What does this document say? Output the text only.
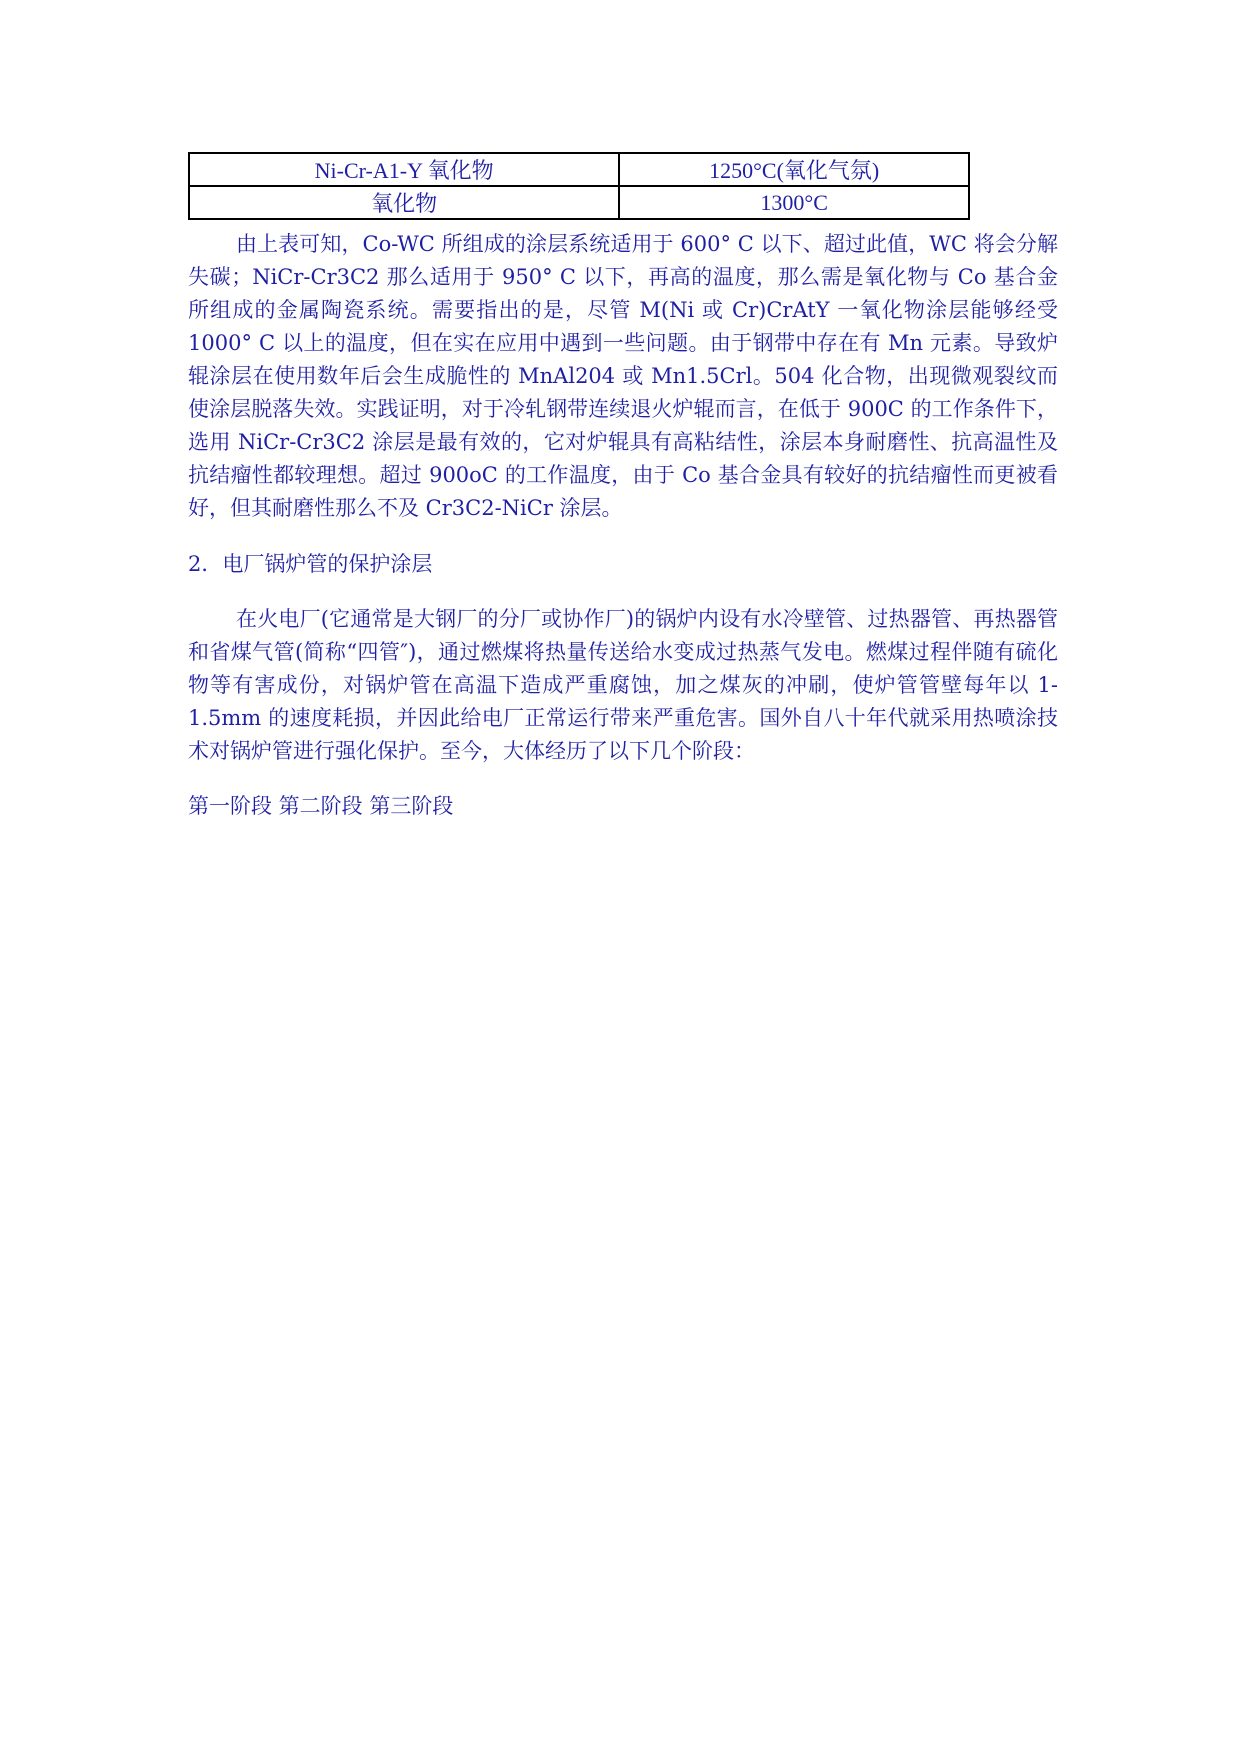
Ni-Cr-A1-Y 氧化物	1250°C(氧化气氛)
氧化物	1300°C

由上表可知，Co-WC 所组成的涂层系统适用于 600° C 以下、超过此值，WC 将会分解失碳；NiCr-Cr3C2 那么适用于 950° C 以下，再高的温度，那么需是氧化物与 Co 基合金所组成的金属陶瓷系统。需要指出的是，尽管 M(Ni 或 Cr)CrAtY 一氧化物涂层能够经受 1000° C 以上的温度，但在实在应用中遇到一些问题。由于钢带中存在有 Mn 元素。导致炉辊涂层在使用数年后会生成脆性的 MnAl204 或 Mn1.5Crl。504 化合物，出现微观裂纹而使涂层脱落失效。实践证明，对于冷轧钢带连续退火炉辊而言，在低于 900C 的工作条件下，选用 NiCr-Cr3C2 涂层是最有效的，它对炉辊具有高粘结性，涂层本身耐磨性、抗高温性及抗结瘤性都较理想。超过 900oC 的工作温度，由于 Co 基合金具有较好的抗结瘤性而更被看好，但其耐磨性那么不及 Cr3C2-NiCr 涂层。

2．电厂锅炉管的保护涂层

在火电厂(它通常是大钢厂的分厂或协作厂)的锅炉内设有水冷壁管、过热器管、再热器管和省煤气管(简称“四管″)，通过燃煤将热量传送给水变成过热蒸气发电。燃煤过程伴随有硫化物等有害成份，对锅炉管在高温下造成严重腐蚀，加之煤灰的冲刷，使炉管管壁每年以 1-1.5mm 的速度耗损，并因此给电厂正常运行带来严重危害。国外自八十年代就采用热喷涂技术对锅炉管进行强化保护。至今，大体经历了以下几个阶段：

第一阶段 第二阶段 第三阶段
